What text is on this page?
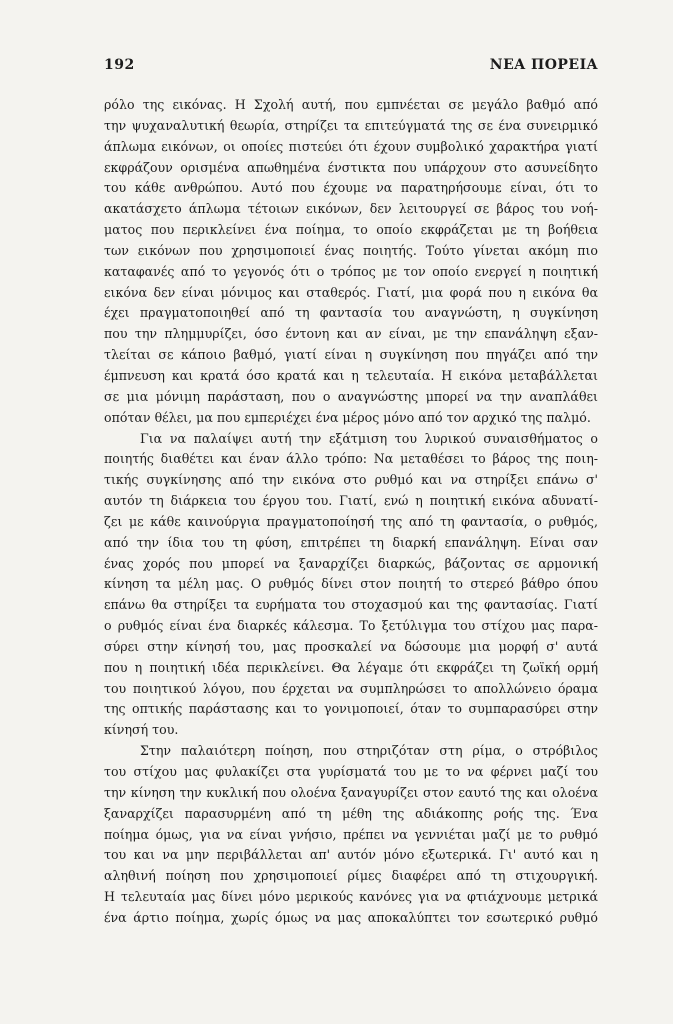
192	ΝΕΑ ΠΟΡΕΙΑ
ρόλο της εικόνας. Η Σχολή αυτή, που εμπνέεται σε μεγάλο βαθμό από
την ψυχαναλυτική θεωρία, στηρίζει τα επιτεύγματά της σε ένα συνειρμικό
άπλωμα εικόνων, οι οποίες πιστεύει ότι έχουν συμβολικό χαρακτήρα γιατί
εκφράζουν ορισμένα απωθημένα ένστικτα που υπάρχουν στο ασυνείδητο
του κάθε ανθρώπου. Αυτό που έχουμε να παρατηρήσουμε είναι, ότι το
ακατάσχετο άπλωμα τέτοιων εικόνων, δεν λειτουργεί σε βάρος του νοή-
ματος που περικλείνει ένα ποίημα, το οποίο εκφράζεται με τη βοήθεια
των εικόνων που χρησιμοποιεί ένας ποιητής. Τούτο γίνεται ακόμη πιο
καταφανές από το γεγονός ότι ο τρόπος με τον οποίο ενεργεί η ποιητική
εικόνα δεν είναι μόνιμος και σταθερός. Γιατί, μια φορά που η εικόνα θα
έχει πραγματοποιηθεί από τη φαντασία του αναγνώστη, η συγκίνηση
που την πλημμυρίζει, όσο έντονη και αν είναι, με την επανάληψη εξαν-
τλείται σε κάποιο βαθμό, γιατί είναι η συγκίνηση που πηγάζει από την
έμπνευση και κρατά όσο κρατά και η τελευταία. Η εικόνα μεταβάλλεται
σε μια μόνιμη παράσταση, που ο αναγνώστης μπορεί να την αναπλάθει
οπόταν θέλει, μα που εμπεριέχει ένα μέρος μόνο από τον αρχικό της παλμό.
Για να παλαίψει αυτή την εξάτμιση του λυρικού συναισθήματος ο
ποιητής διαθέτει και έναν άλλο τρόπο: Να μεταθέσει το βάρος της ποιη-
τικής συγκίνησης από την εικόνα στο ρυθμό και να στηρίξει επάνω σ'
αυτόν τη διάρκεια του έργου του. Γιατί, ενώ η ποιητική εικόνα αδυνατί-
ζει με κάθε καινούργια πραγματοποίησή της από τη φαντασία, ο ρυθμός,
από την ίδια του τη φύση, επιτρέπει τη διαρκή επανάληψη. Είναι σαν
ένας χορός που μπορεί να ξαναρχίζει διαρκώς, βάζοντας σε αρμονική
κίνηση τα μέλη μας. Ο ρυθμός δίνει στον ποιητή το στερεό βάθρο όπου
επάνω θα στηρίξει τα ευρήματα του στοχασμού και της φαντασίας. Γιατί
ο ρυθμός είναι ένα διαρκές κάλεσμα. Το ξετύλιγμα του στίχου μας παρα-
σύρει στην κίνησή του, μας προσκαλεί να δώσουμε μια μορφή σ' αυτά
που η ποιητική ιδέα περικλείνει. Θα λέγαμε ότι εκφράζει τη ζωϊκή ορμή
του ποιητικού λόγου, που έρχεται να συμπληρώσει το απολλώνειο όραμα
της οπτικής παράστασης και το γονιμοποιεί, όταν το συμπαρασύρει στην
κίνησή του.
Στην παλαιότερη ποίηση, που στηριζόταν στη ρίμα, ο στρόβιλος
του στίχου μας φυλακίζει στα γυρίσματά του με το να φέρνει μαζί του
την κίνηση την κυκλική που ολοένα ξαναγυρίζει στον εαυτό της και ολοένα
ξαναρχίζει παρασυρμένη από τη μέθη της αδιάκοπης ροής της. Ένα
ποίημα όμως, για να είναι γνήσιο, πρέπει να γεννιέται μαζί με το ρυθμό
του και να μην περιβάλλεται απ' αυτόν μόνο εξωτερικά. Γι' αυτό και η
αληθινή ποίηση που χρησιμοποιεί ρίμες διαφέρει από τη στιχουργική.
Η τελευταία μας δίνει μόνο μερικούς κανόνες για να φτιάχνουμε μετρικά
ένα άρτιο ποίημα, χωρίς όμως να μας αποκαλύπτει τον εσωτερικό ρυθμό
